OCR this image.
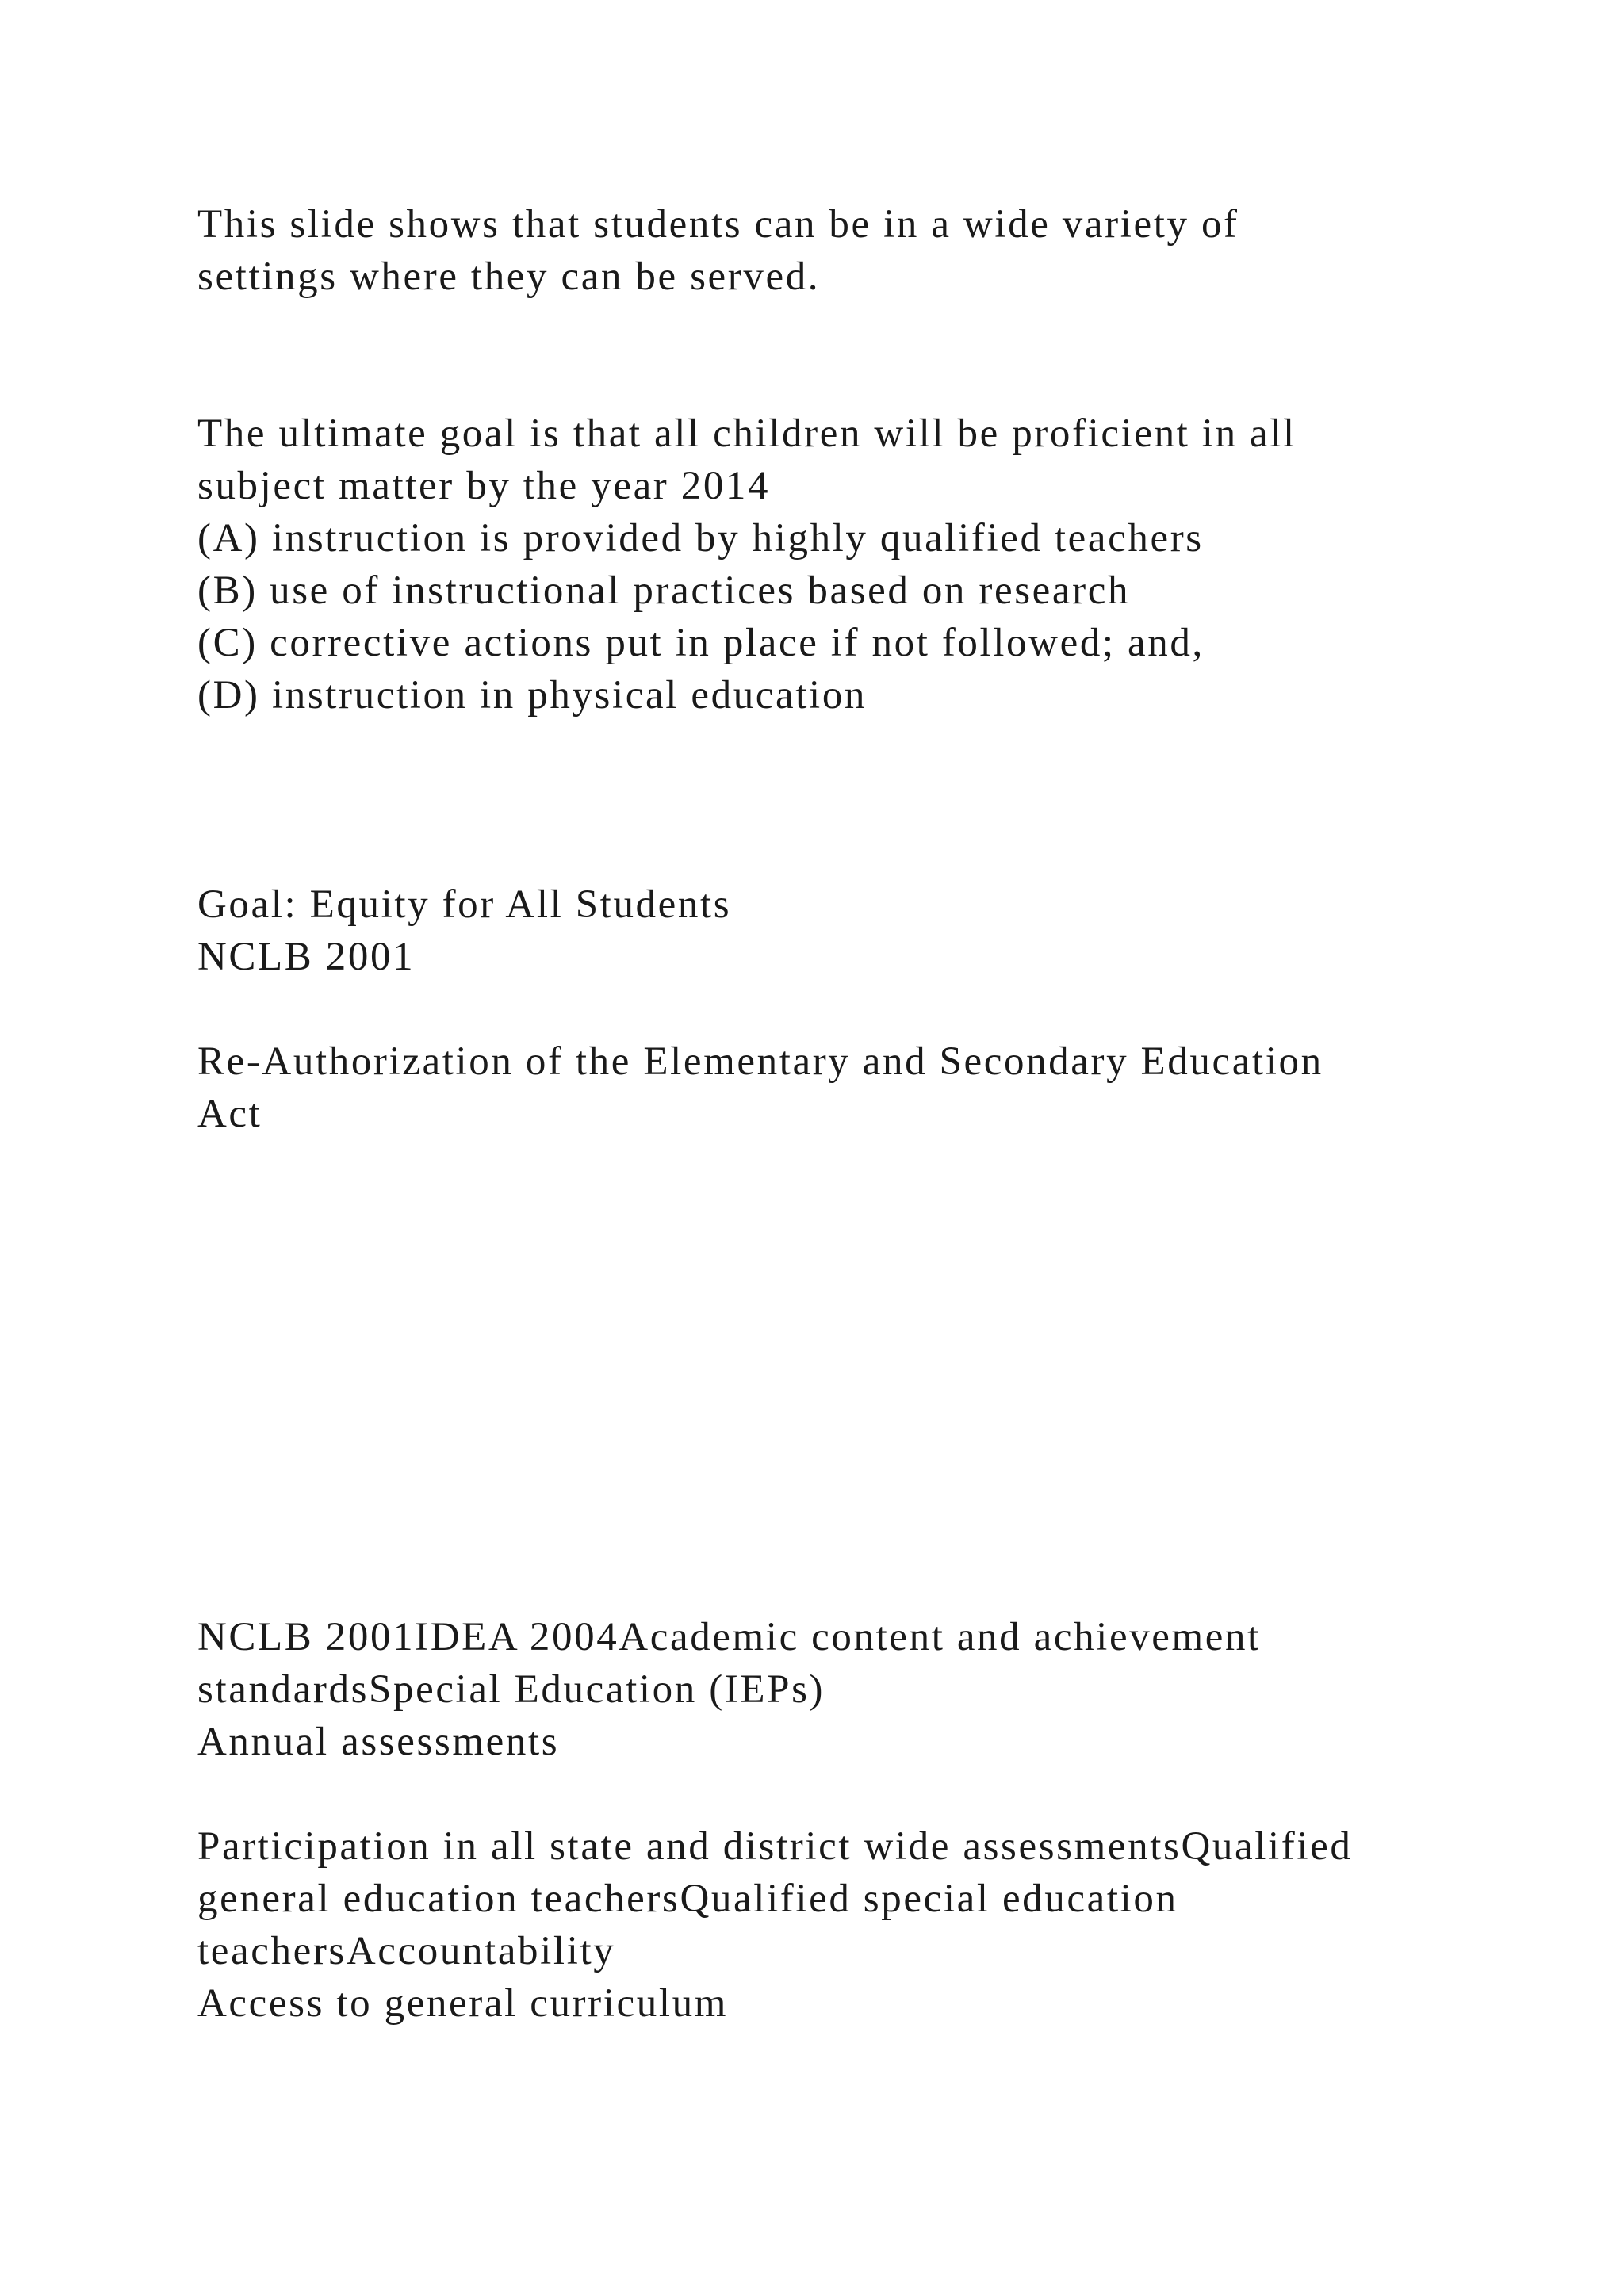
This slide shows that students can be in a wide variety of

settings where they can be served.

The ultimate goal is that all children will be proficient in all

subject matter by the year 2014

(A) instruction is provided by highly qualified teachers

(B) use of instructional practices based on research

(C) corrective actions put in place if not followed; and,

(D) instruction in physical education

Goal: Equity for All Students

NCLB 2001

Re-Authorization of the Elementary and Secondary Education

Act

NCLB 2001IDEA 2004Academic content and achievement

standardsSpecial Education (IEPs)

Annual assessments

Participation in all state and district wide assessmentsQualified

general education teachersQualified special education

teachersAccountability

Access to general curriculum
